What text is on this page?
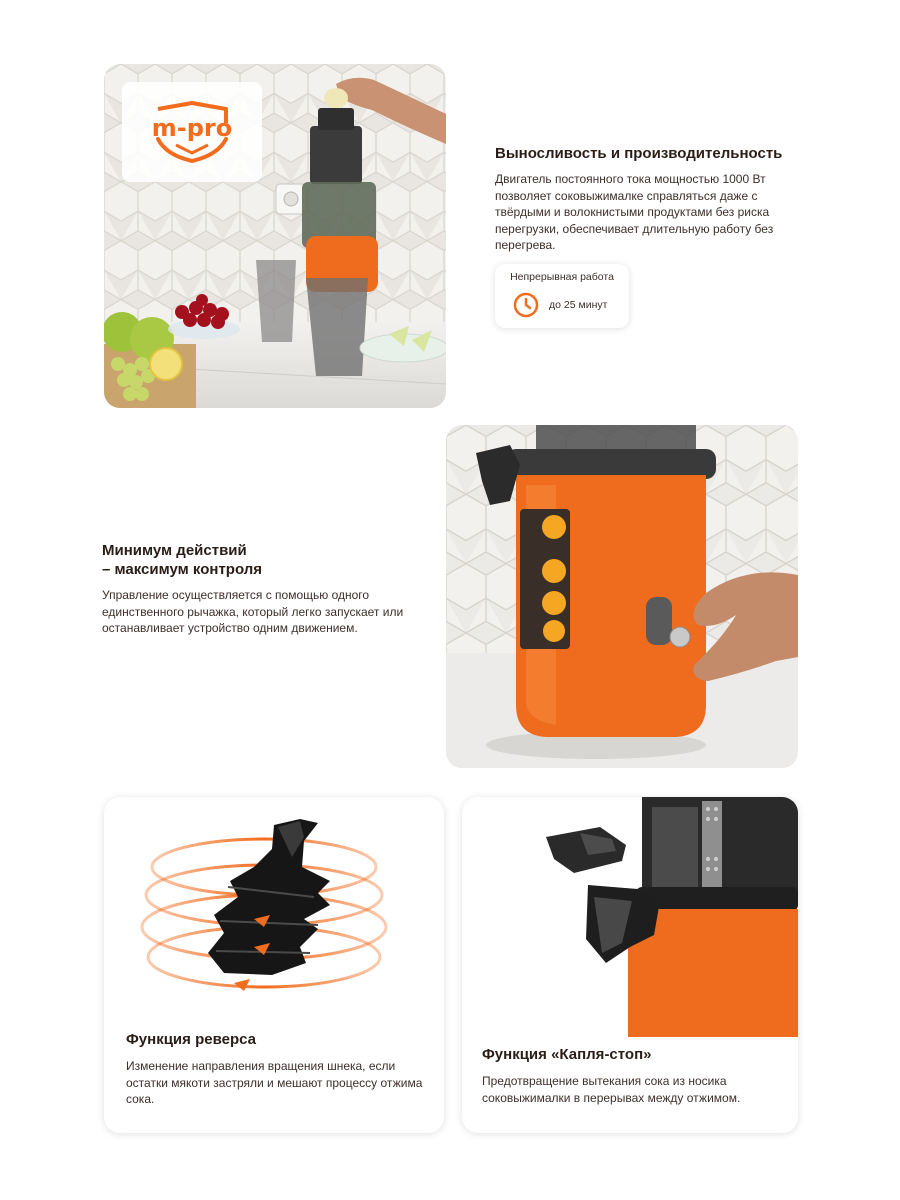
m-pro
Выносливость и производительность
Двигатель постоянного тока мощностью 1000 Вт позволяет соковыжималке справляться даже с твёрдыми и волокнистыми продуктами без риска перегрузки, обеспечивает длительную работу без перегрева.
Непрерывная работа
до 25 минут
Минимум действий
– максимум контроля
Управление осуществляется с помощью одного единственного рычажка, который легко запускает или останавливает устройство одним движением.
Функция реверса
Изменение направления вращения шнека, если остатки мякоти застряли и мешают процессу отжима сока.
Функция «Капля-стоп»
Предотвращение вытекания сока из носика соковыжималки в перерывах между отжимом.
